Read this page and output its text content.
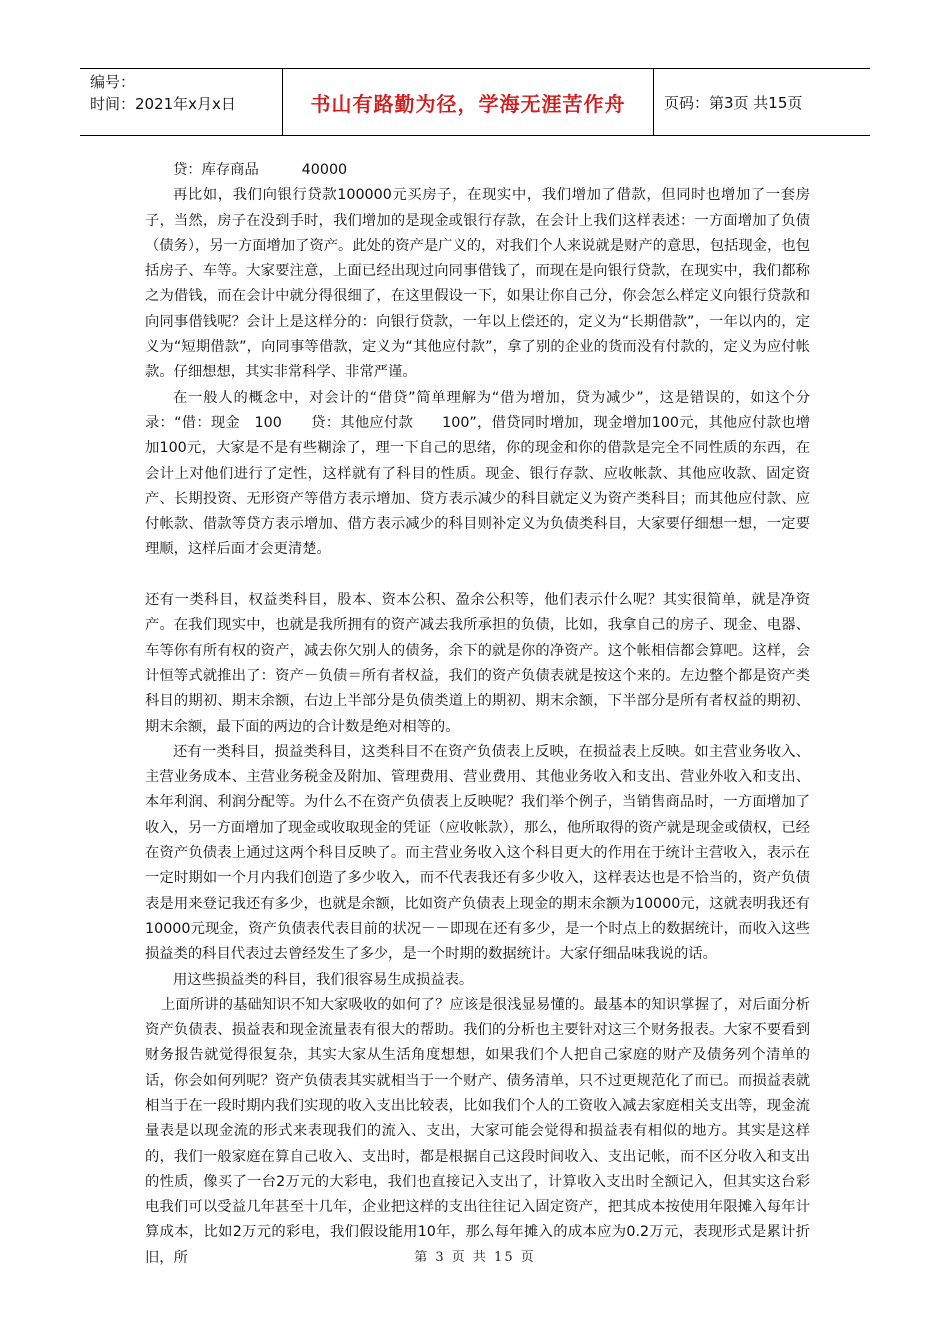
编号：
时间：2021年x月x日	书山有路勤为径，学海无涯苦作舟	页码：第3页 共15页

贷：库存商品　　　40000

再比如，我们向银行贷款100000元买房子，在现实中，我们增加了借款，但同时也增加了一套房子，当然，房子在没到手时，我们增加的是现金或银行存款，在会计上我们这样表述：一方面增加了负债（债务），另一方面增加了资产。此处的资产是广义的，对我们个人来说就是财产的意思，包括现金，也包括房子、车等。大家要注意，上面已经出现过向同事借钱了，而现在是向银行贷款，在现实中，我们都称之为借钱，而在会计中就分得很细了，在这里假设一下，如果让你自己分，你会怎么样定义向银行贷款和向同事借钱呢？会计上是这样分的：向银行贷款，一年以上偿还的，定义为“长期借款”，一年以内的，定义为“短期借款”，向同事等借款，定义为“其他应付款”，拿了别的企业的货而没有付款的，定义为应付帐款。仔细想想，其实非常科学、非常严谨。

在一般人的概念中，对会计的“借贷”简单理解为“借为增加，贷为减少”，这是错误的，如这个分录：“借：现金　100　　贷：其他应付款　　100”，借贷同时增加，现金增加100元，其他应付款也增加100元，大家是不是有些糊涂了，理一下自己的思绪，你的现金和你的借款是完全不同性质的东西，在会计上对他们进行了定性，这样就有了科目的性质。现金、银行存款、应收帐款、其他应收款、固定资产、长期投资、无形资产等借方表示增加、贷方表示减少的科目就定义为资产类科目；而其他应付款、应付帐款、借款等贷方表示增加、借方表示减少的科目则补定义为负债类科目，大家要仔细想一想，一定要理顺，这样后面才会更清楚。

还有一类科目，权益类科目，股本、资本公积、盈余公积等，他们表示什么呢？其实很简单，就是净资产。在我们现实中，也就是我所拥有的资产减去我所承担的负债，比如，我拿自己的房子、现金、电器、车等你有所有权的资产，减去你欠别人的债务，余下的就是你的净资产。这个帐相信都会算吧。这样，会计恒等式就推出了：资产－负债＝所有者权益，我们的资产负债表就是按这个来的。左边整个都是资产类科目的期初、期末余额，右边上半部分是负债类道上的期初、期末余额，下半部分是所有者权益的期初、期末余额，最下面的两边的合计数是绝对相等的。

还有一类科目，损益类科目，这类科目不在资产负债表上反映，在损益表上反映。如主营业务收入、主营业务成本、主营业务税金及附加、管理费用、营业费用、其他业务收入和支出、营业外收入和支出、本年利润、利润分配等。为什么不在资产负债表上反映呢？我们举个例子，当销售商品时，一方面增加了收入，另一方面增加了现金或收取现金的凭证（应收帐款），那么，他所取得的资产就是现金或债权，已经在资产负债表上通过这两个科目反映了。而主营业务收入这个科目更大的作用在于统计主营收入，表示在一定时期如一个月内我们创造了多少收入，而不代表我还有多少收入，这样表达也是不恰当的，资产负债表是用来登记我还有多少，也就是余额，比如资产负债表上现金的期末余额为10000元，这就表明我还有10000元现金，资产负债表代表目前的状况－－即现在还有多少，是一个时点上的数据统计，而收入这些损益类的科目代表过去曾经发生了多少，是一个时期的数据统计。大家仔细品味我说的话。

用这些损益类的科目，我们很容易生成损益表。

上面所讲的基础知识不知大家吸收的如何了？应该是很浅显易懂的。最基本的知识掌握了，对后面分析资产负债表、损益表和现金流量表有很大的帮助。我们的分析也主要针对这三个财务报表。大家不要看到财务报告就觉得很复杂，其实大家从生活角度想想，如果我们个人把自己家庭的财产及债务列个清单的话，你会如何列呢？资产负债表其实就相当于一个财产、债务清单，只不过更规范化了而已。而损益表就相当于在一段时期内我们实现的收入支出比较表，比如我们个人的工资收入减去家庭相关支出等，现金流量表是以现金流的形式来表现我们的流入、支出，大家可能会觉得和损益表有相似的地方。其实是这样的，我们一般家庭在算自己收入、支出时，都是根据自己这段时间收入、支出记帐，而不区分收入和支出的性质，像买了一台2万元的大彩电，我们也直接记入支出了，计算收入支出时全额记入，但其实这台彩电我们可以受益几年甚至十几年，企业把这样的支出往往记入固定资产，把其成本按使用年限摊入每年计算成本，比如2万元的彩电，我们假设能用10年，那么每年摊入的成本应为0.2万元，表现形式是累计折旧，所	第 3 页 共 15 页
